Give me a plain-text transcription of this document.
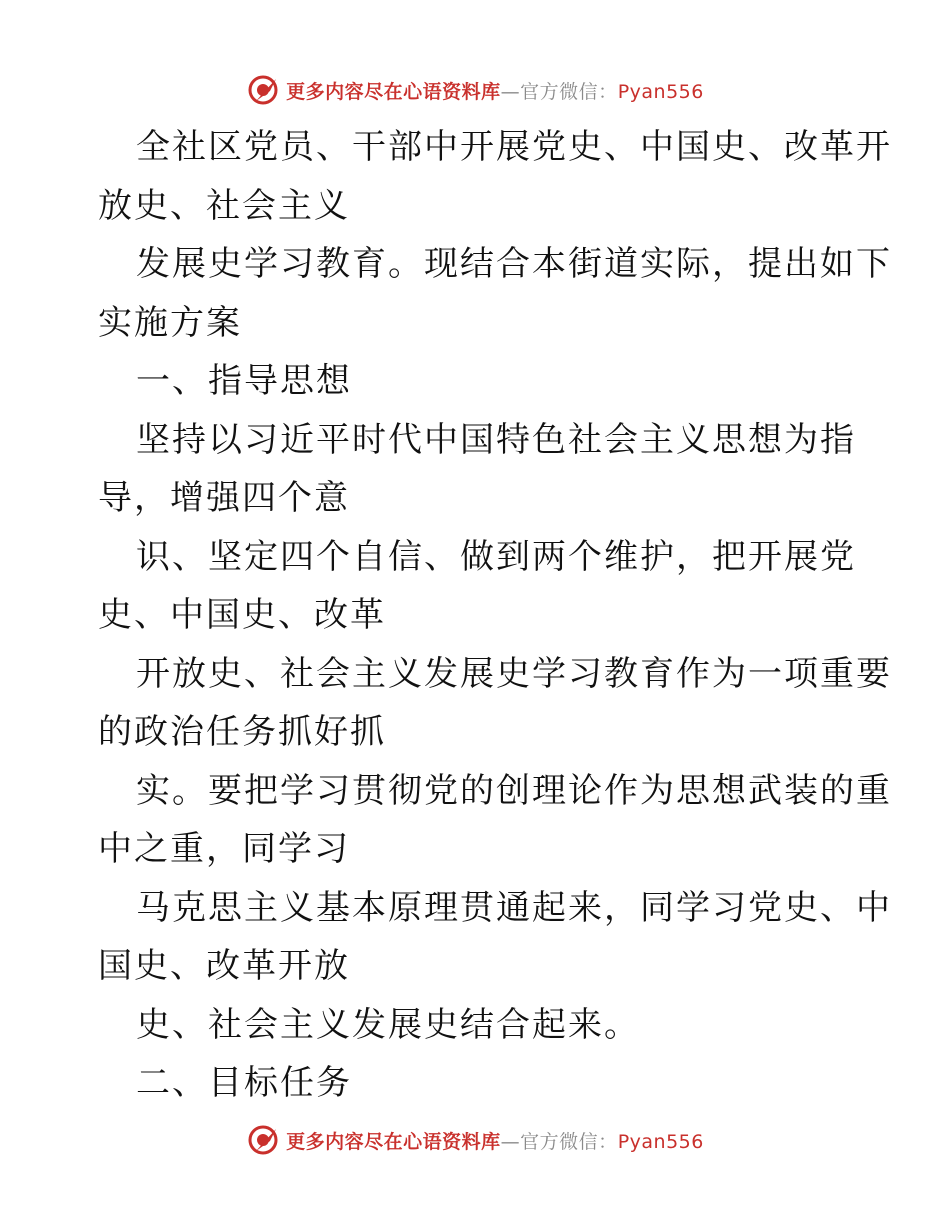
更多内容尽在心语资料库—官方微信：Pyan556
全社区党员、干部中开展党史、中国史、改革开
放史、社会主义
发展史学习教育。现结合本街道实际，提出如下
实施方案
一、指导思想
坚持以习近平时代中国特色社会主义思想为指
导，增强四个意
识、坚定四个自信、做到两个维护，把开展党
史、中国史、改革
开放史、社会主义发展史学习教育作为一项重要
的政治任务抓好抓
实。要把学习贯彻党的创理论作为思想武装的重
中之重，同学习
马克思主义基本原理贯通起来，同学习党史、中
国史、改革开放
史、社会主义发展史结合起来。
二、目标任务
更多内容尽在心语资料库—官方微信：Pyan556
